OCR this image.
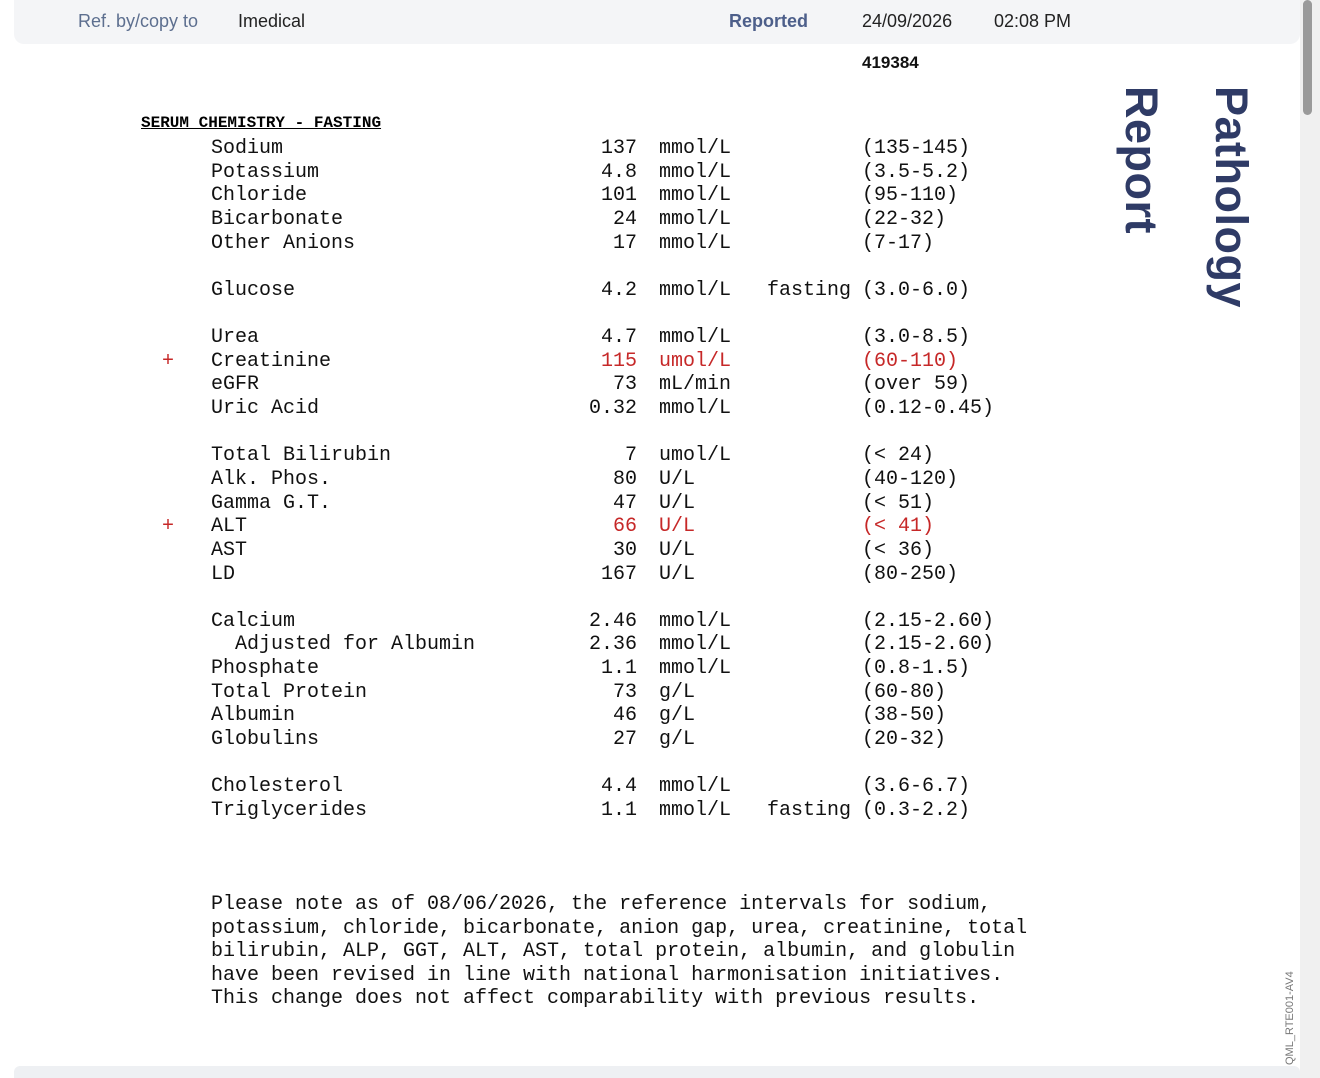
Ref. by/copy to Imedical	Reported	24/09/2026 02:08 PM
419384
SERUM CHEMISTRY - FASTING
Sodium	137 mmol/L	(135-145)
Potassium	4.8 mmol/L	(3.5-5.2)
Chloride	101 mmol/L	(95-110)
Bicarbonate	24 mmol/L	(22-32)
Other Anions	17 mmol/L	(7-17)
Glucose	4.2 mmol/L fasting (3.0-6.0)
Urea	4.7 mmol/L	(3.0-8.5)
+ Creatinine	115 umol/L	(60-110)
eGFR	73 mL/min	(over 59)
Uric Acid	0.32 mmol/L	(0.12-0.45)
Total Bilirubin	7 umol/L	(< 24)
Alk. Phos.	80 U/L	(40-120)
Gamma G.T.	47 U/L	(< 51)
+ ALT	66 U/L	(< 41)
AST	30 U/L	(< 36)
LD	167 U/L	(80-250)
Calcium	2.46 mmol/L	(2.15-2.60)
Adjusted for Albumin	2.36 mmol/L	(2.15-2.60)
Phosphate	1.1 mmol/L	(0.8-1.5)
Total Protein	73 g/L	(60-80)
Albumin	46 g/L	(38-50)
Globulins	27 g/L	(20-32)
Cholesterol	4.4 mmol/L	(3.6-6.7)
Triglycerides	1.1 mmol/L fasting (0.3-2.2)
Please note as of 08/06/2026, the reference intervals for sodium,
potassium, chloride, bicarbonate, anion gap, urea, creatinine, total
bilirubin, ALP, GGT, ALT, AST, total protein, albumin, and globulin
have been revised in line with national harmonisation initiatives.
This change does not affect comparability with previous results.
Pathology Report
QML_RTE001-AV4
